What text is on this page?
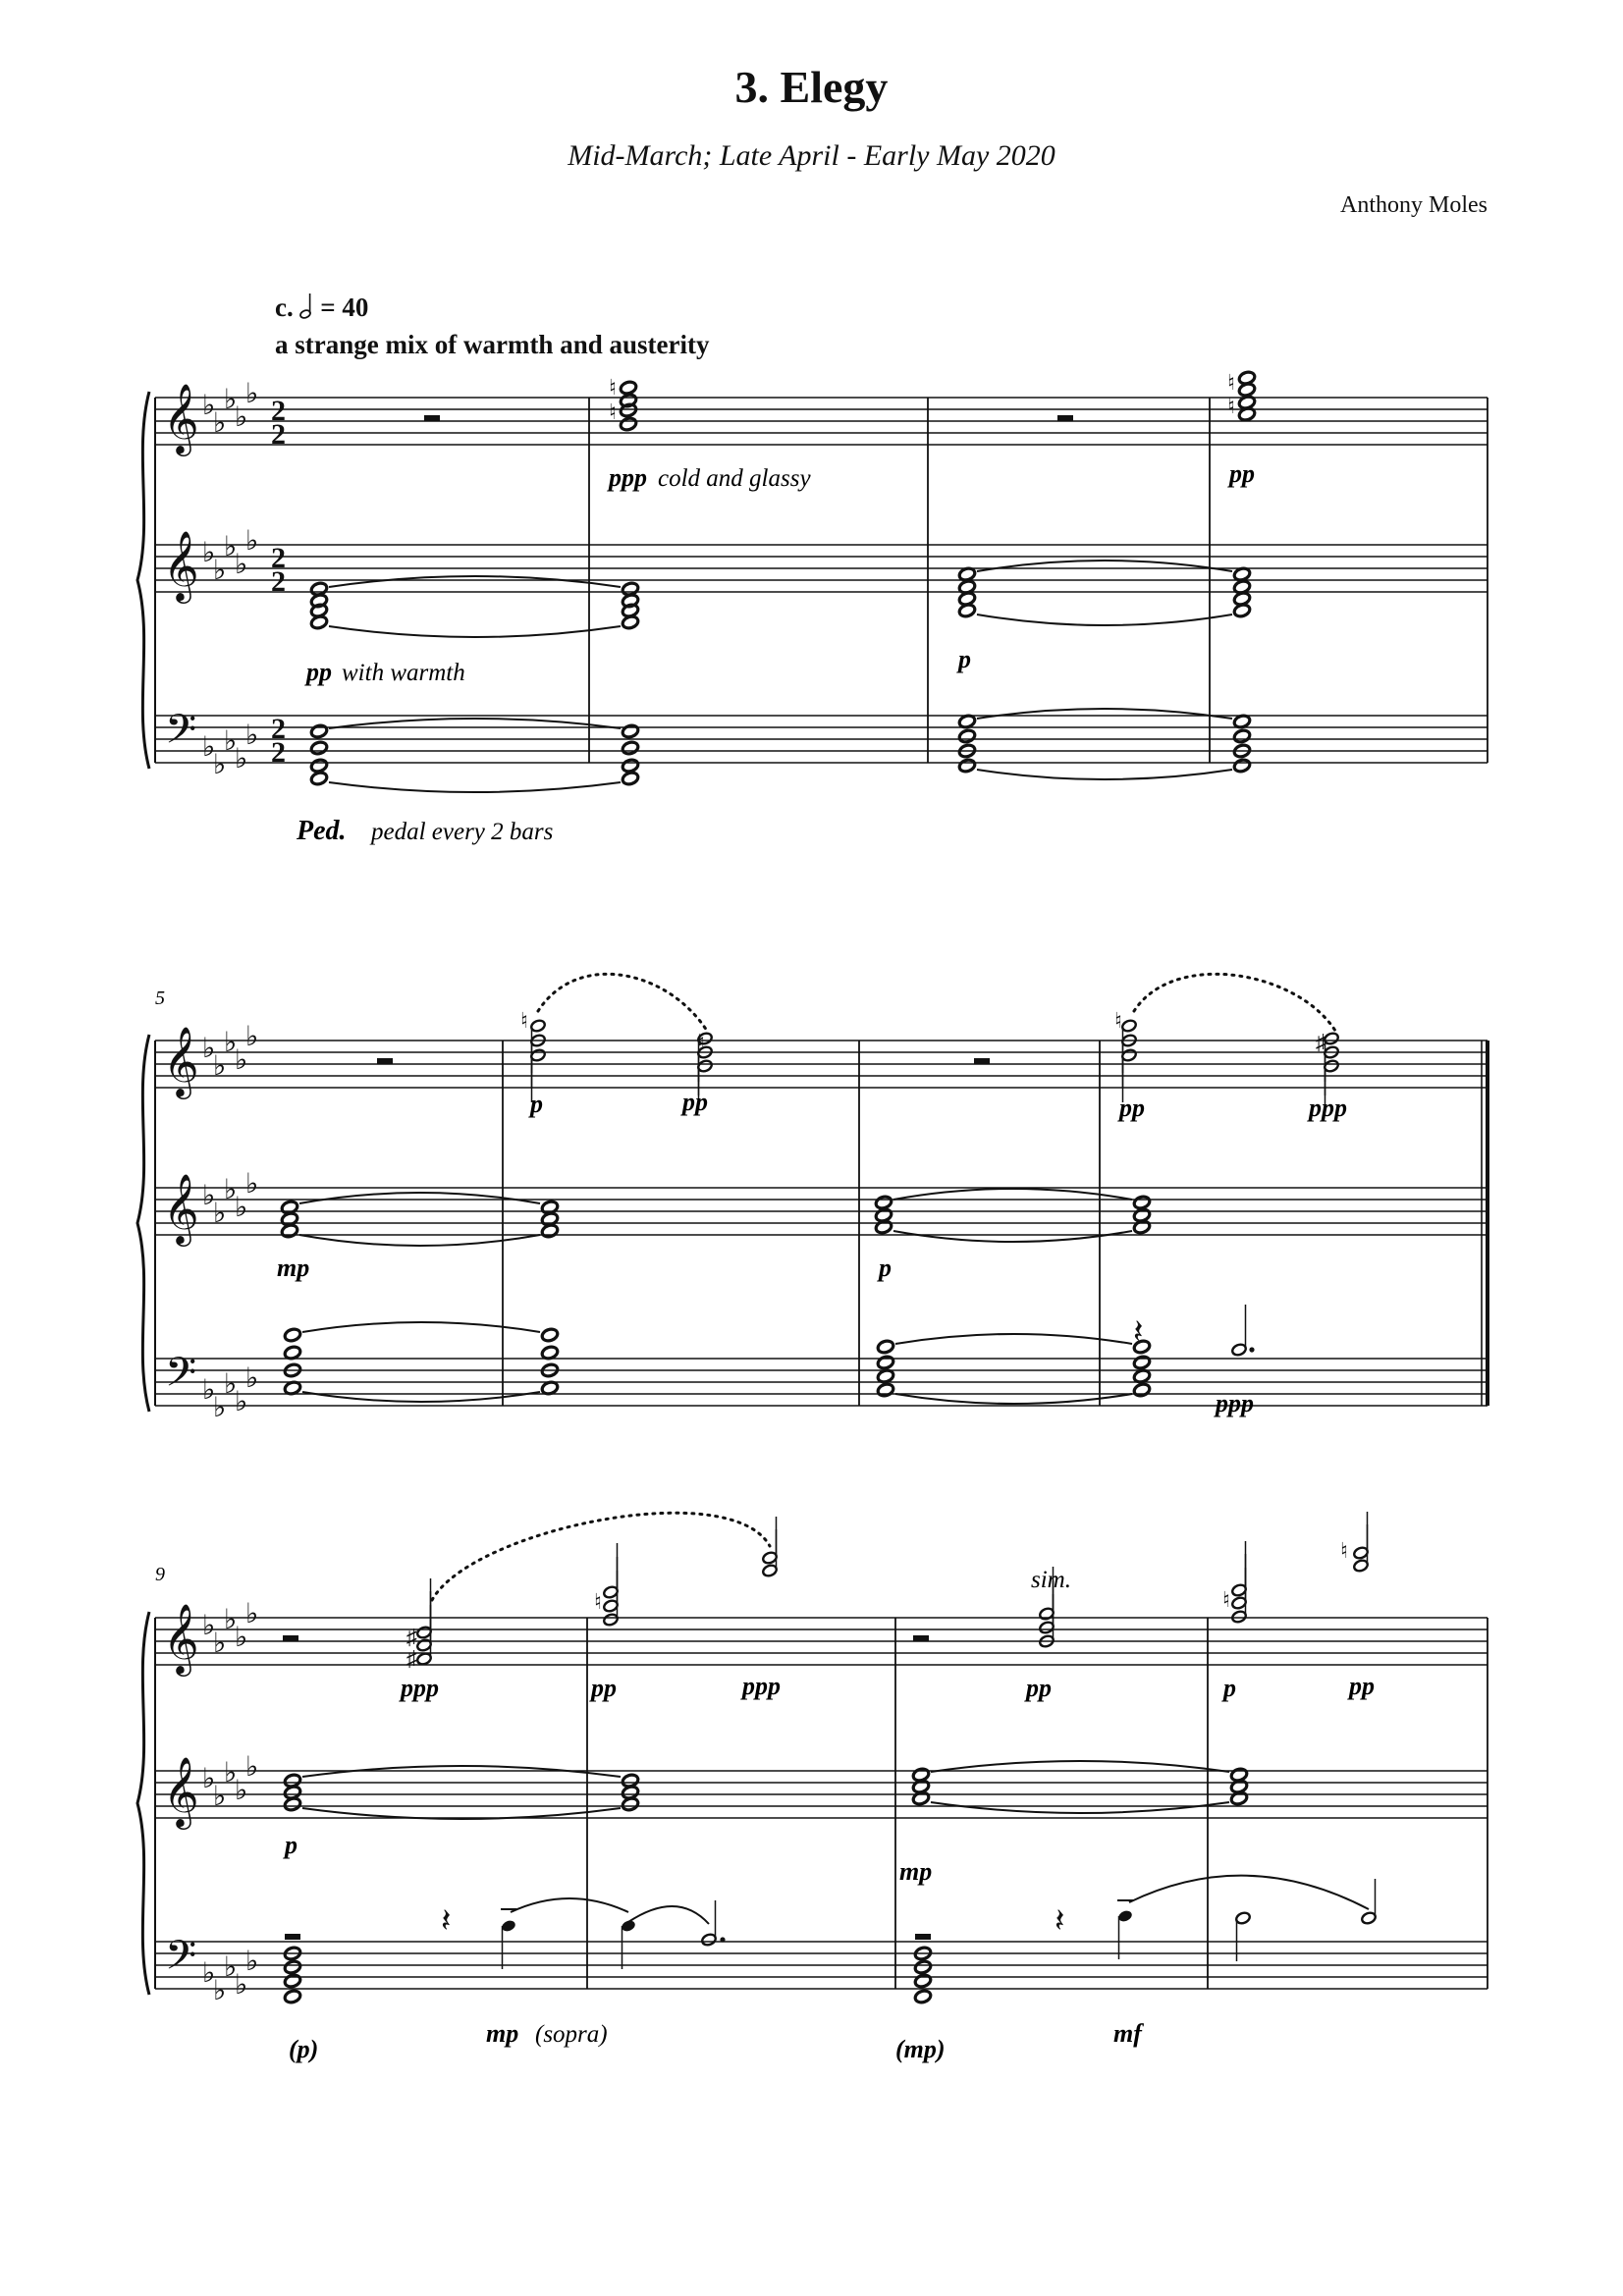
3. Elegy
Mid-March; Late April - Early May 2020
Anthony Moles
c. = 40
a strange mix of warmth and austerity
𝄞
𝄞
𝄢
♭
♭
♭
♭
♭
♭
♭
♭
♭
♭
♭
♭
♭
♭
♭
2
2
2
2
2
2
𝄞
𝄞
𝄢
♭
♭
♭
♭
♭
♭
♭
♭
♭
♭
♭
♭
♭
♭
♭
𝄞
𝄞
𝄢
♭
♭
♭
♭
♭
♭
♭
♭
♭
♭
♭
♭
♭
♭
♭
♮
♮
♮
♮
♮
♮
♮
♯
𝄽
♯
♯
♮	♮
♮
𝄽	𝄽
ppp cold and glassy	pp
pp with warmth	p
Ped. pedal every 2 bars
5
p	pp	pp	ppp
mp	p
ppp
9	sim.
ppp	pp	ppp	pp	p	pp
p
mp
(p)
mp (sopra)
(mp)
mf
